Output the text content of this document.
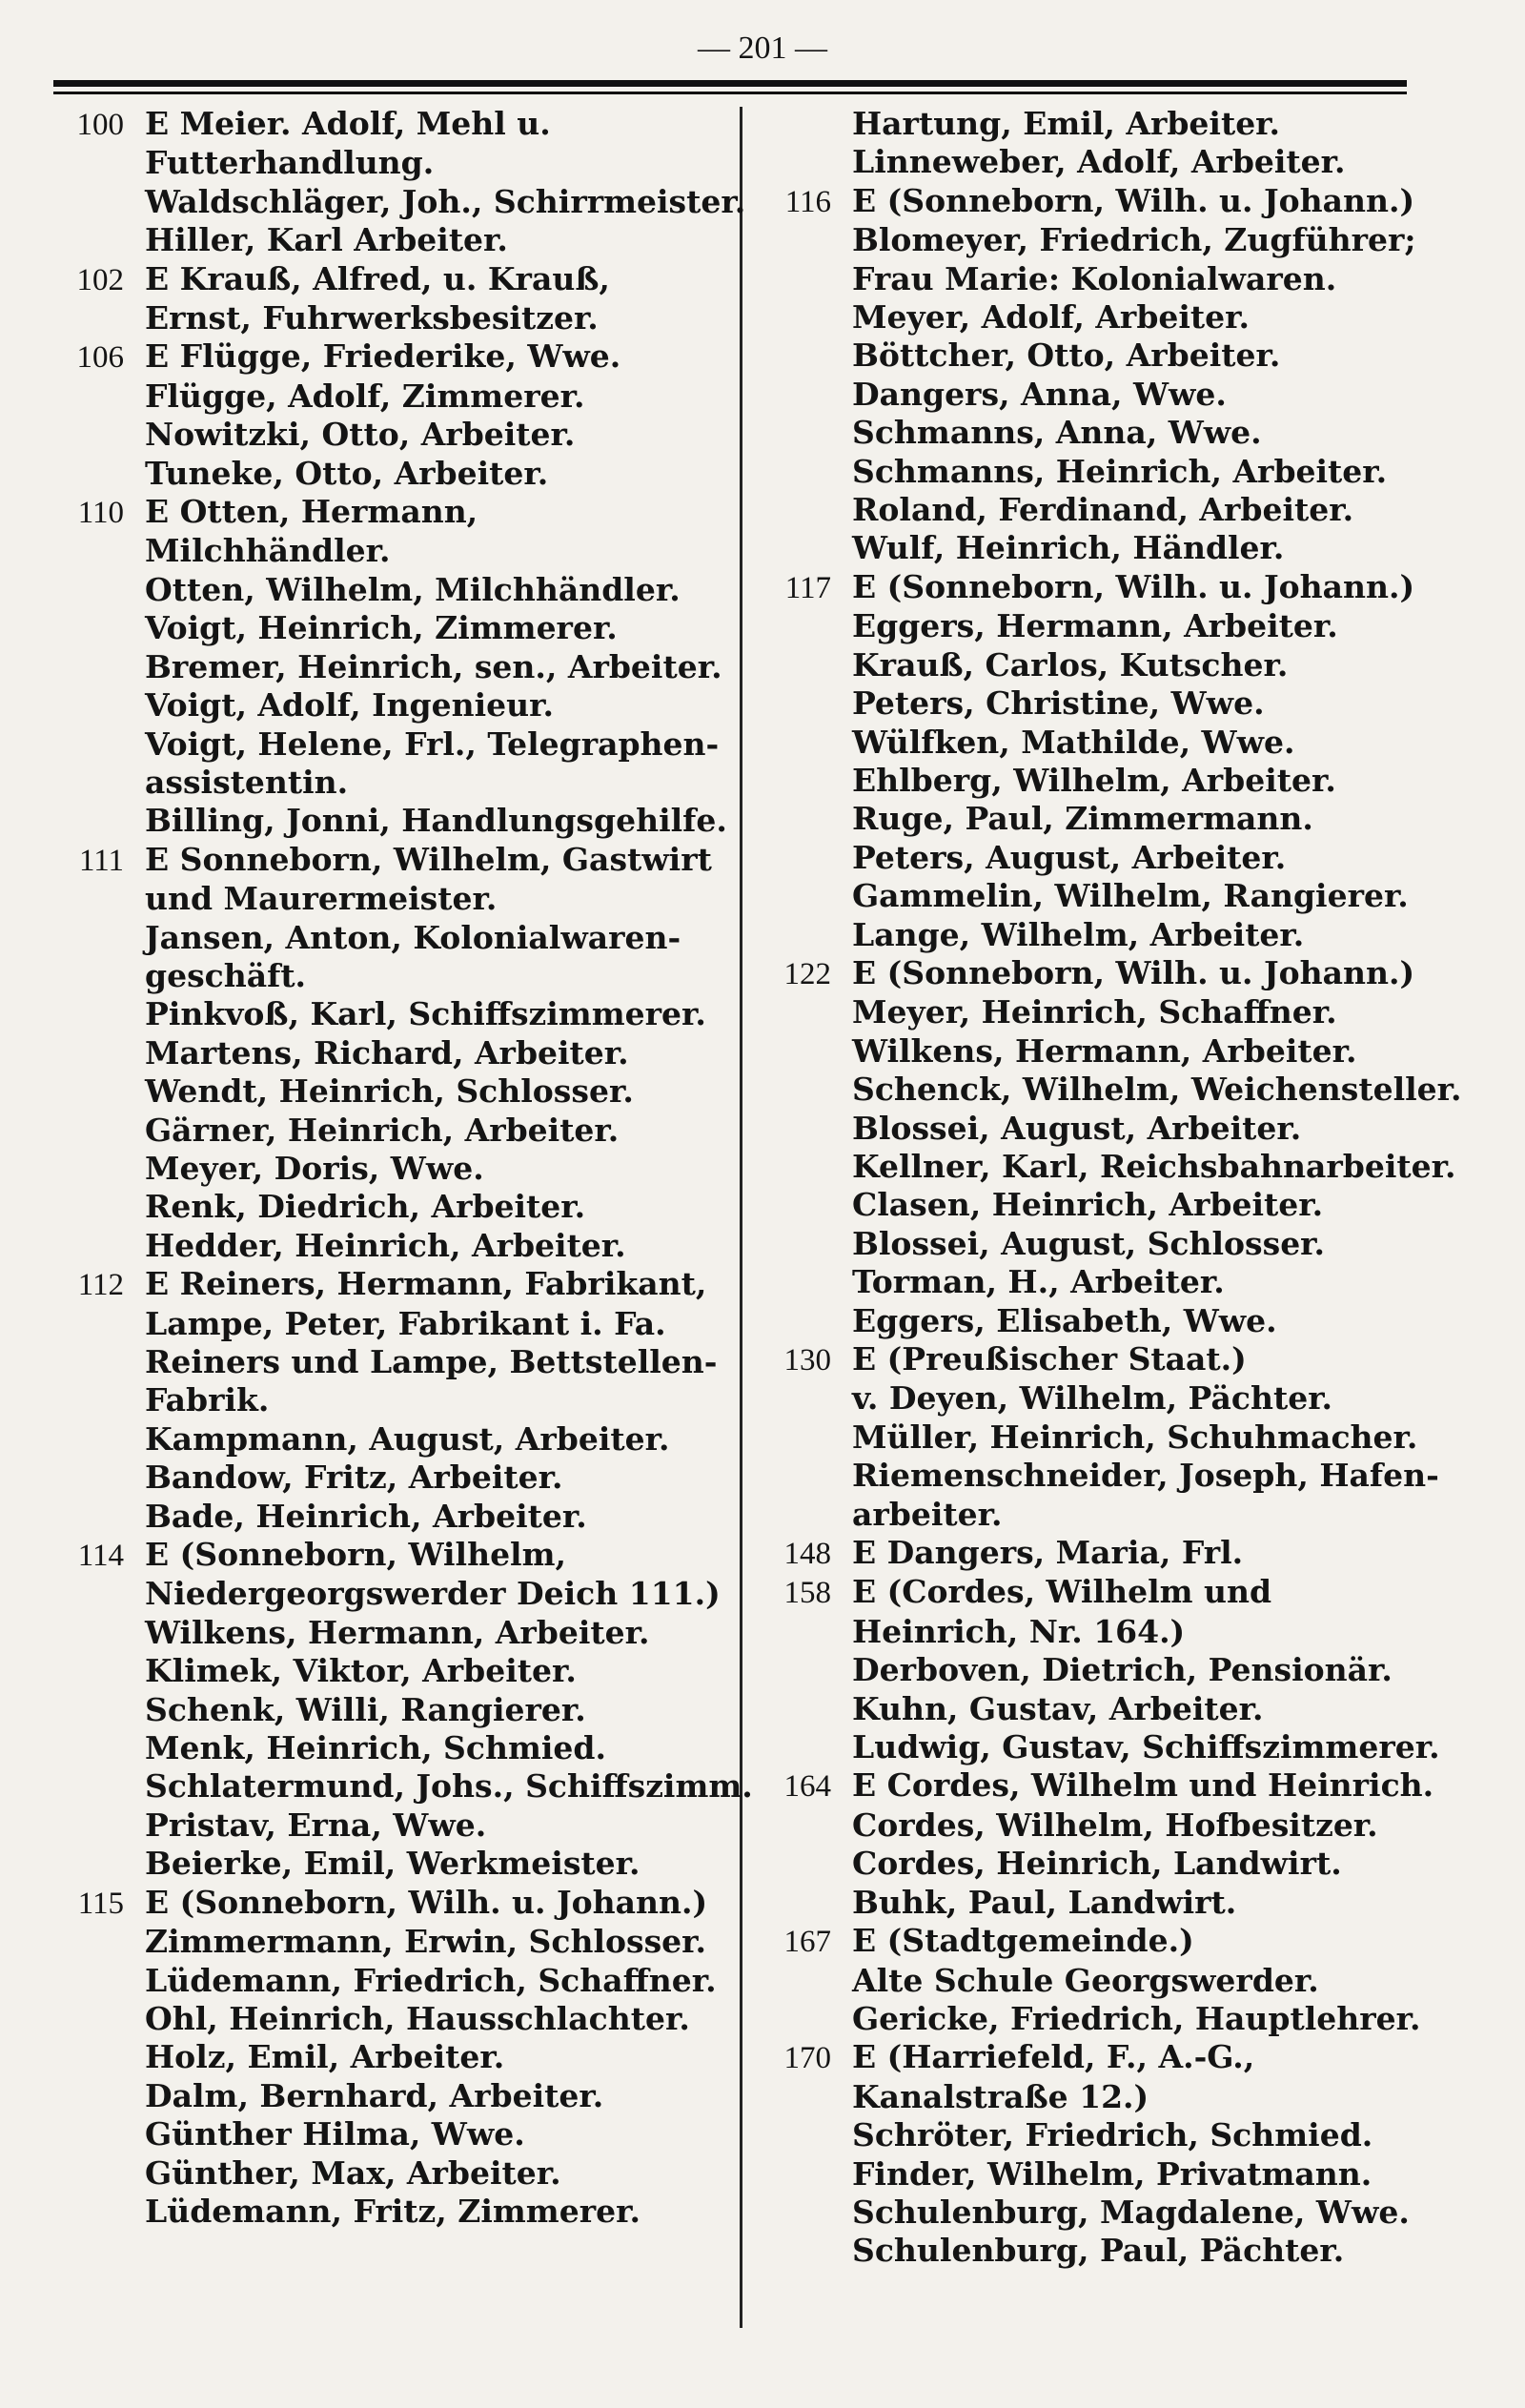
— 201 —
100 E Meier. Adolf, Mehl u. Futterhandlung.
Waldschläger, Joh., Schirrmeister.
Hiller, Karl Arbeiter.
102 E Krauß, Alfred, u. Krauß, Ernst, Fuhrwerksbesitzer.
106 E Flügge, Friederike, Wwe.
Flügge, Adolf, Zimmerer.
Nowitzki, Otto, Arbeiter.
Tuneke, Otto, Arbeiter.
110 E Otten, Hermann, Milchhändler.
Otten, Wilhelm, Milchhändler.
Voigt, Heinrich, Zimmerer.
Bremer, Heinrich, sen., Arbeiter.
Voigt, Adolf, Ingenieur.
Voigt, Helene, Frl., Telegraphen-
assistentin.
Billing, Jonni, Handlungsgehilfe.
111 E Sonneborn, Wilhelm, Gastwirt und Maurermeister.
Jansen, Anton, Kolonialwaren-
geschäft.
Pinkvoß, Karl, Schiffszimmerer.
Martens, Richard, Arbeiter.
Wendt, Heinrich, Schlosser.
Gärner, Heinrich, Arbeiter.
Meyer, Doris, Wwe.
Renk, Diedrich, Arbeiter.
Hedder, Heinrich, Arbeiter.
112 E Reiners, Hermann, Fabrikant, Lampe, Peter, Fabrikant i. Fa. Reiners und Lampe, Bettstellen-Fabrik.
Kampmann, August, Arbeiter.
Bandow, Fritz, Arbeiter.
Bade, Heinrich, Arbeiter.
114 E (Sonneborn, Wilhelm, Niedergeorgswerder Deich 111.)
Wilkens, Hermann, Arbeiter.
Klimek, Viktor, Arbeiter.
Schenk, Willi, Rangierer.
Menk, Heinrich, Schmied.
Schlatermund, Johs., Schiffszimm.
Pristav, Erna, Wwe.
Beierke, Emil, Werkmeister.
115 E (Sonneborn, Wilh. u. Johann.)
Zimmermann, Erwin, Schlosser.
Lüdemann, Friedrich, Schaffner.
Ohl, Heinrich, Hausschlachter.
Holz, Emil, Arbeiter.
Dalm, Bernhard, Arbeiter.
Günther Hilma, Wwe.
Günther, Max, Arbeiter.
Lüdemann, Fritz, Zimmerer.
Hartung, Emil, Arbeiter.
Linneweber, Adolf, Arbeiter.
116 E (Sonneborn, Wilh. u. Johann.)
Blomeyer, Friedrich, Zugführer;
Frau Marie: Kolonialwaren.
Meyer, Adolf, Arbeiter.
Böttcher, Otto, Arbeiter.
Dangers, Anna, Wwe.
Schmanns, Anna, Wwe.
Schmanns, Heinrich, Arbeiter.
Roland, Ferdinand, Arbeiter.
Wulf, Heinrich, Händler.
117 E (Sonneborn, Wilh. u. Johann.)
Eggers, Hermann, Arbeiter.
Krauß, Carlos, Kutscher.
Peters, Christine, Wwe.
Wülfken, Mathilde, Wwe.
Ehlberg, Wilhelm, Arbeiter.
Ruge, Paul, Zimmermann.
Peters, August, Arbeiter.
Gammelin, Wilhelm, Rangierer.
Lange, Wilhelm, Arbeiter.
122 E (Sonneborn, Wilh. u. Johann.)
Meyer, Heinrich, Schaffner.
Wilkens, Hermann, Arbeiter.
Schenck, Wilhelm, Weichensteller.
Blossei, August, Arbeiter.
Kellner, Karl, Reichsbahnarbeiter.
Clasen, Heinrich, Arbeiter.
Blossei, August, Schlosser.
Torman, H., Arbeiter.
Eggers, Elisabeth, Wwe.
130 E (Preußischer Staat.)
v. Deyen, Wilhelm, Pächter.
Müller, Heinrich, Schuhmacher.
Riemenschneider, Joseph, Hafen-
arbeiter.
148 E Dangers, Maria, Frl.
158 E (Cordes, Wilhelm und Heinrich, Nr. 164.)
Derboven, Dietrich, Pensionär.
Kuhn, Gustav, Arbeiter.
Ludwig, Gustav, Schiffszimmerer.
164 E Cordes, Wilhelm und Heinrich.
Cordes, Wilhelm, Hofbesitzer.
Cordes, Heinrich, Landwirt.
Buhk, Paul, Landwirt.
167 E (Stadtgemeinde.)
Alte Schule Georgswerder.
Gericke, Friedrich, Hauptlehrer.
170 E (Harriefeld, F., A.-G., Kanalstraße 12.)
Schröter, Friedrich, Schmied.
Finder, Wilhelm, Privatmann.
Schulenburg, Magdalene, Wwe.
Schulenburg, Paul, Pächter.
